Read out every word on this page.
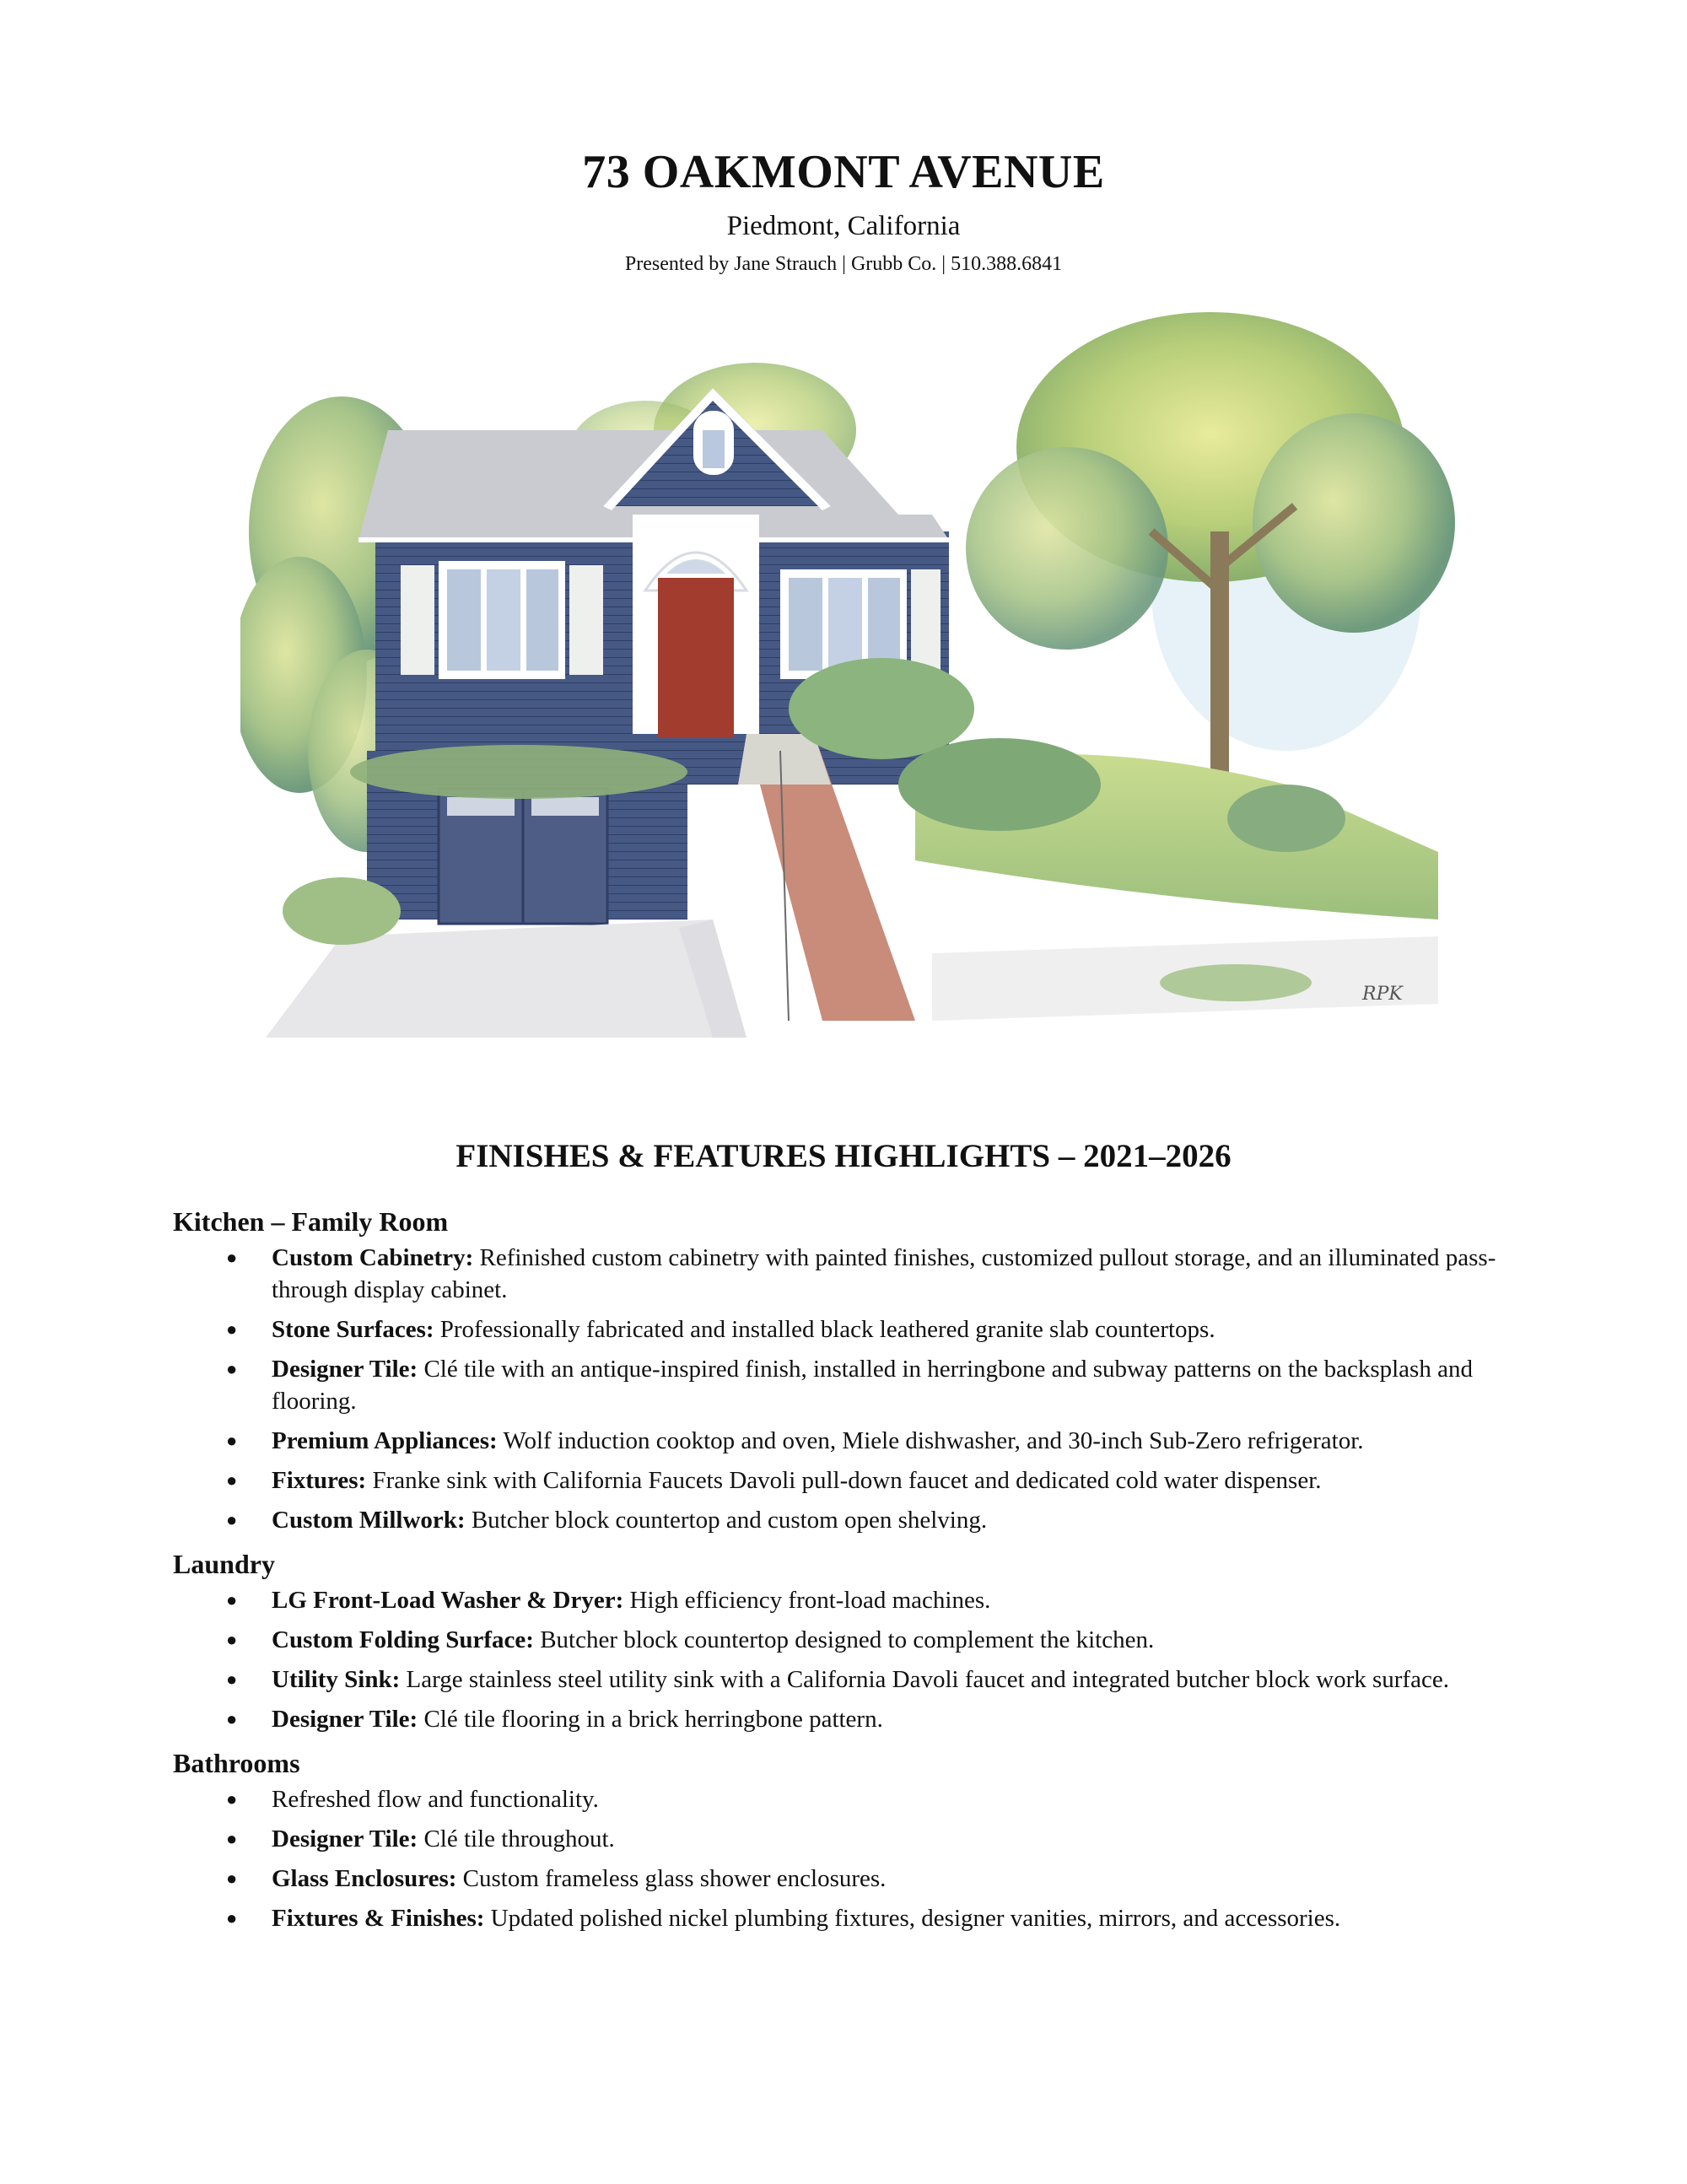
73 OAKMONT AVENUE
Piedmont, California
Presented by Jane Strauch | Grubb Co. | 510.388.6841
RPK
FINISHES & FEATURES HIGHLIGHTS – 2021–2026
Kitchen – Family Room
●
Custom Cabinetry: Refinished custom cabinetry with painted finishes, customized pullout storage, and an illuminated pass-through display cabinet.
●
Stone Surfaces: Professionally fabricated and installed black leathered granite slab countertops.
●
Designer Tile: Clé tile with an antique-inspired finish, installed in herringbone and subway patterns on the backsplash and flooring.
●
Premium Appliances: Wolf induction cooktop and oven, Miele dishwasher, and 30-inch Sub-Zero refrigerator.
●
Fixtures: Franke sink with California Faucets Davoli pull-down faucet and dedicated cold water dispenser.
●
Custom Millwork: Butcher block countertop and custom open shelving.
Laundry
●
LG Front-Load Washer & Dryer: High efficiency front-load machines.
●
Custom Folding Surface: Butcher block countertop designed to complement the kitchen.
●
Utility Sink: Large stainless steel utility sink with a California Davoli faucet and integrated butcher block work surface.
●
Designer Tile: Clé tile flooring in a brick herringbone pattern.
Bathrooms
●
Refreshed flow and functionality.
●
Designer Tile: Clé tile throughout.
●
Glass Enclosures: Custom frameless glass shower enclosures.
●
Fixtures & Finishes: Updated polished nickel plumbing fixtures, designer vanities, mirrors, and accessories.
